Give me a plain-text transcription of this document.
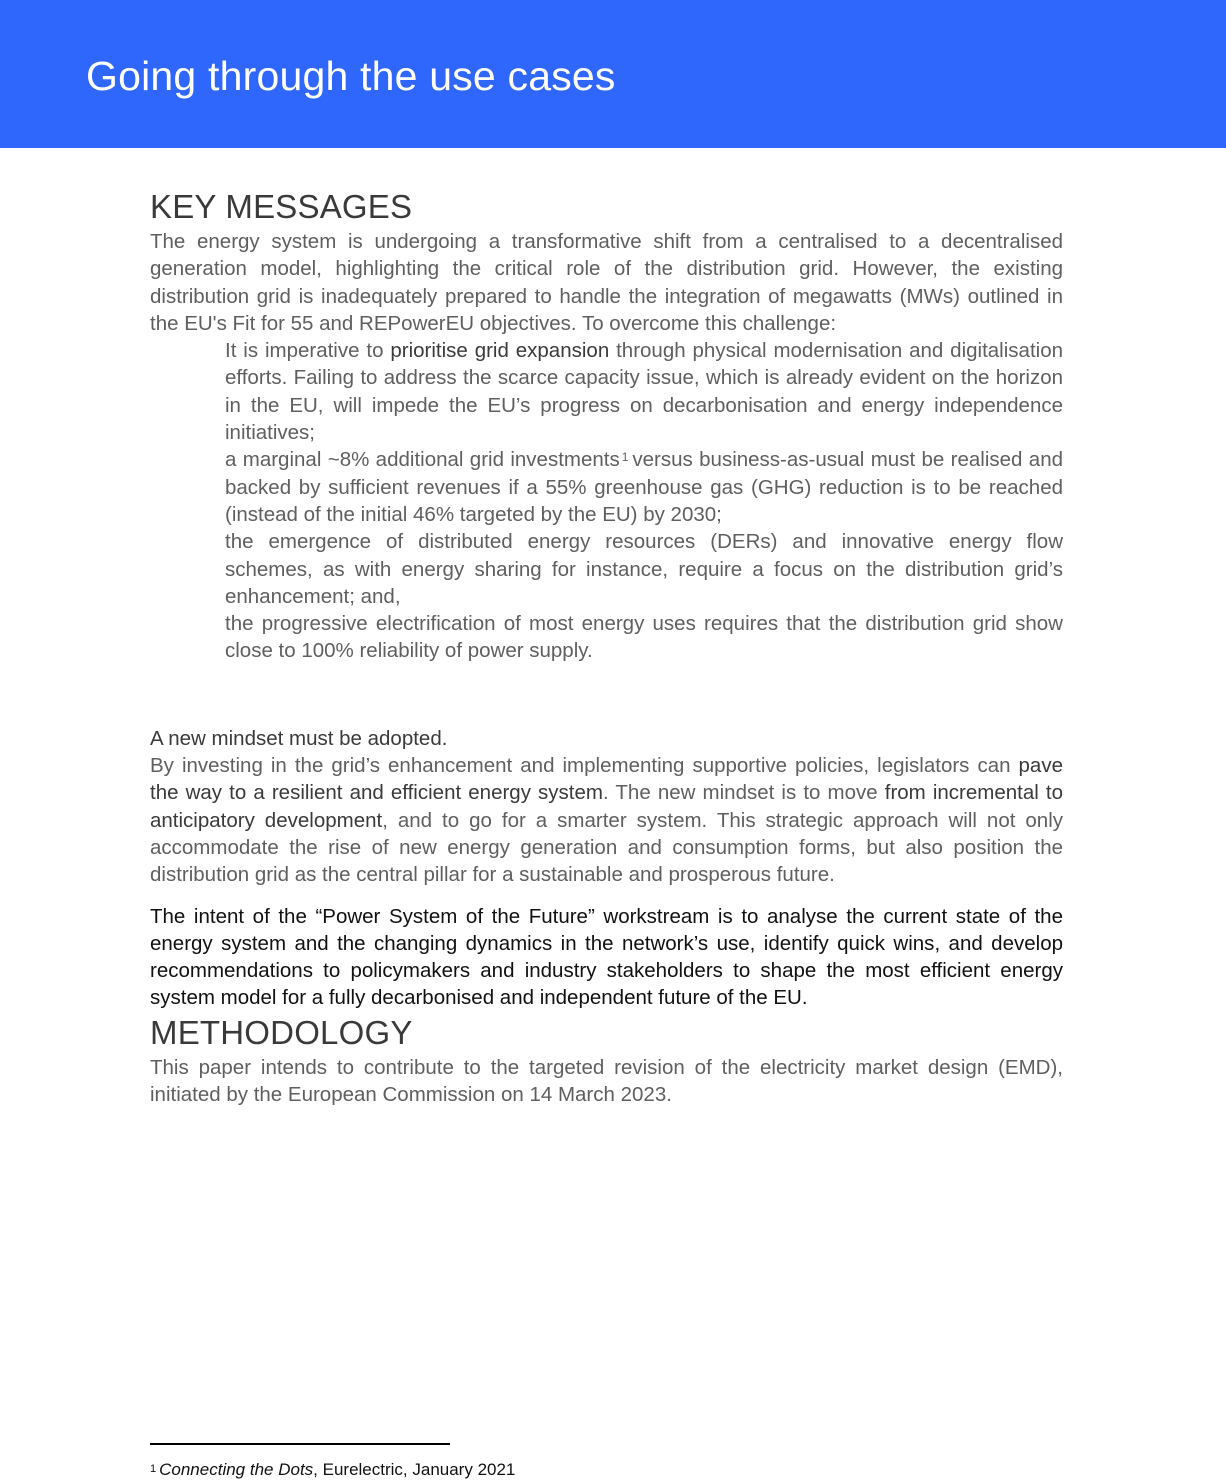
Going through the use cases
KEY MESSAGES

The energy system is undergoing a transformative shift from a centralised to a decentralised generation model, highlighting the critical role of the distribution grid. However, the existing distribution grid is inadequately prepared to handle the integration of megawatts (MWs) outlined in the EU's Fit for 55 and REPowerEU objectives. To overcome this challenge:

It is imperative to prioritise grid expansion through physical modernisation and digitalisation efforts. Failing to address the scarce capacity issue, which is already evident on the horizon in the EU, will impede the EU’s progress on decarbonisation and energy independence initiatives;
a marginal ~8% additional grid investments $^1$ versus business-as-usual must be realised and backed by sufficient revenues if a 55% greenhouse gas (GHG) reduction is to be reached (instead of the initial 46% targeted by the EU) by 2030;
the emergence of distributed energy resources (DERs) and innovative energy flow schemes, as with energy sharing for instance, require a focus on the distribution grid’s enhancement; and,
the progressive electrification of most energy uses requires that the distribution grid show close to 100% reliability of power supply.

A new mindset must be adopted.

By investing in the grid’s enhancement and implementing supportive policies, legislators can pave the way to a resilient and efficient energy system. The new mindset is to move from incremental to anticipatory development, and to go for a smarter system. This strategic approach will not only accommodate the rise of new energy generation and consumption forms, but also position the distribution grid as the central pillar for a sustainable and prosperous future.

The intent of the “Power System of the Future” workstream is to analyse the current state of the energy system and the changing dynamics in the network’s use, identify quick wins, and develop recommendations to policymakers and industry stakeholders to shape the most efficient energy system model for a fully decarbonised and independent future of the EU.

METHODOLOGY

This paper intends to contribute to the targeted revision of the electricity market design (EMD), initiated by the European Commission on 14 March 2023.

$^1$ Connecting the Dots, Eurelectric, January 2021
